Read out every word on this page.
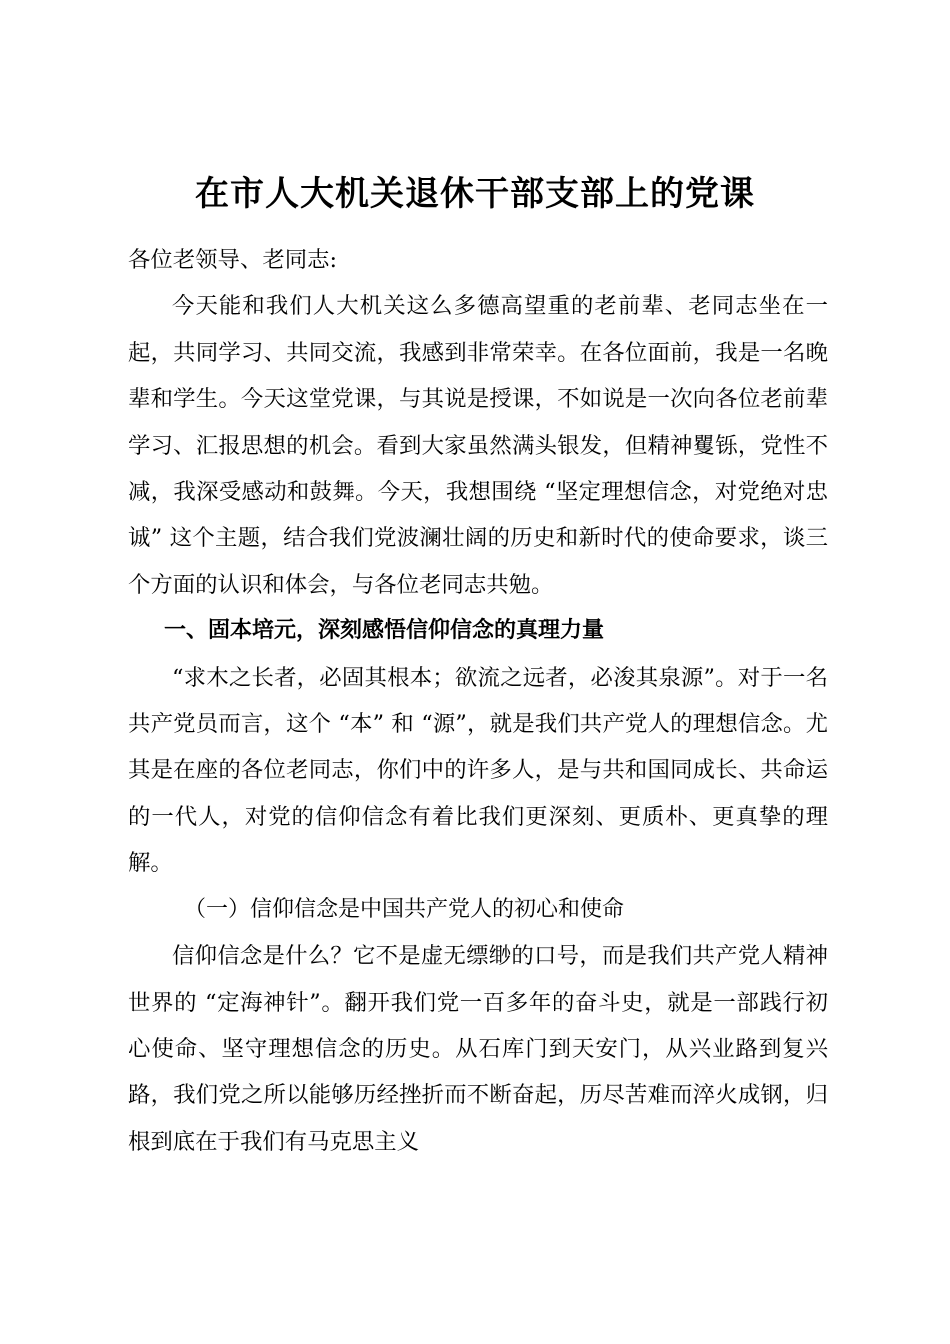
在市人大机关退休干部支部上的党课

各位老领导、老同志:

今天能和我们人大机关这么多德高望重的老前辈、老同志坐在一起，共同学习、共同交流，我感到非常荣幸。在各位面前，我是一名晚辈和学生。今天这堂党课，与其说是授课，不如说是一次向各位老前辈学习、汇报思想的机会。看到大家虽然满头银发，但精神矍铄，党性不减，我深受感动和鼓舞。今天，我想围绕 “坚定理想信念，对党绝对忠诚” 这个主题，结合我们党波澜壮阔的历史和新时代的使命要求，谈三个方面的认识和体会，与各位老同志共勉。

一、固本培元，深刻感悟信仰信念的真理力量

“求木之长者，必固其根本；欲流之远者，必浚其泉源”。对于一名共产党员而言，这个 “本” 和 “源”，就是我们共产党人的理想信念。尤其是在座的各位老同志，你们中的许多人，是与共和国同成长、共命运的一代人，对党的信仰信念有着比我们更深刻、更质朴、更真挚的理解。

（一）信仰信念是中国共产党人的初心和使命

信仰信念是什么？它不是虚无缥缈的口号，而是我们共产党人精神世界的 “定海神针”。翻开我们党一百多年的奋斗史，就是一部践行初心使命、坚守理想信念的历史。从石库门到天安门，从兴业路到复兴路，我们党之所以能够历经挫折而不断奋起，历尽苦难而淬火成钢，归根到底在于我们有马克思主义
